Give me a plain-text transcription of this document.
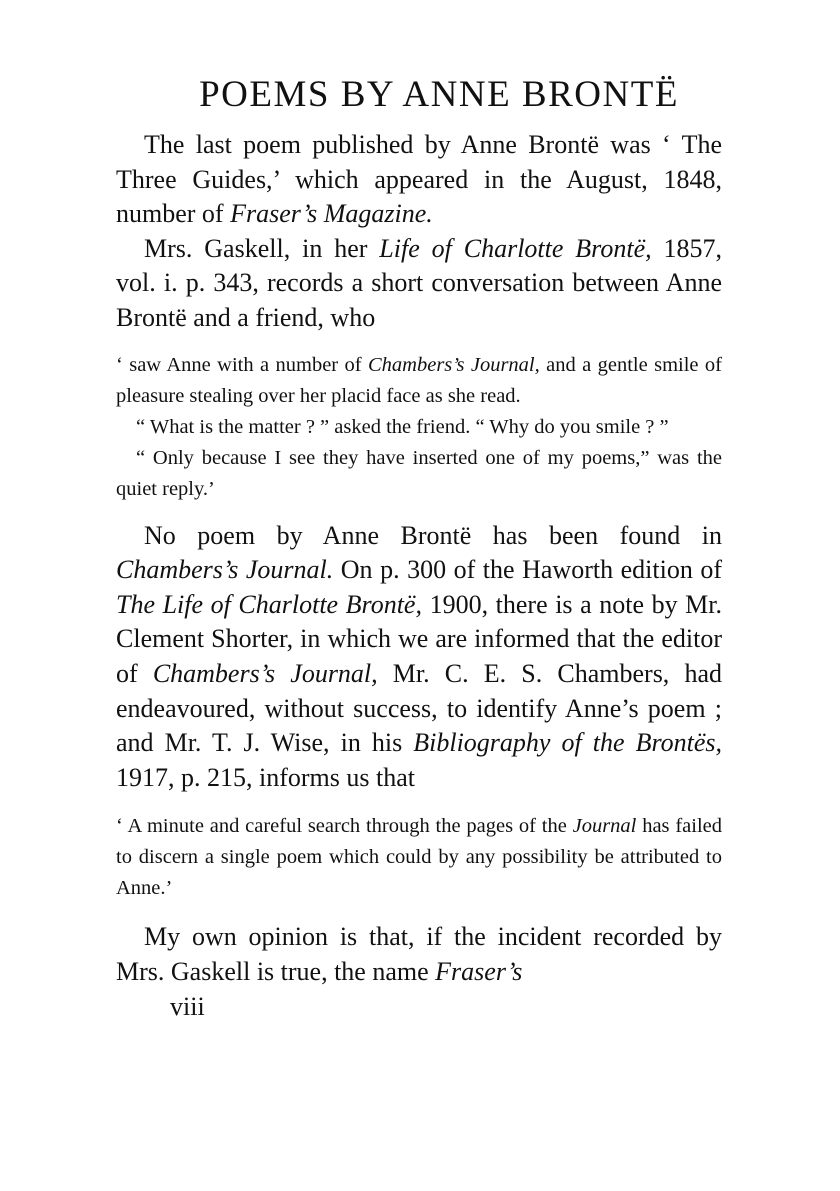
POEMS BY ANNE BRONTË

The last poem published by Anne Brontë was ‘ The Three Guides,’ which appeared in the August, 1848, number of Fraser’s Magazine.

Mrs. Gaskell, in her Life of Charlotte Brontë, 1857, vol. i. p. 343, records a short conversation between Anne Brontë and a friend, who

‘ saw Anne with a number of Chambers’s Journal, and a gentle smile of pleasure stealing over her placid face as she read.

“ What is the matter ? ” asked the friend. “ Why do you smile ? ”

“ Only because I see they have inserted one of my poems,” was the quiet reply.’

No poem by Anne Brontë has been found in Chambers’s Journal. On p. 300 of the Haworth edition of The Life of Charlotte Brontë, 1900, there is a note by Mr. Clement Shorter, in which we are informed that the editor of Chambers’s Journal, Mr. C. E. S. Chambers, had endeavoured, without success, to identify Anne’s poem ; and Mr. T. J. Wise, in his Bibliography of the Brontës, 1917, p. 215, informs us that

‘ A minute and careful search through the pages of the Journal has failed to discern a single poem which could by any possibility be attributed to Anne.’

My own opinion is that, if the incident recorded by Mrs. Gaskell is true, the name Fraser’s

viii
